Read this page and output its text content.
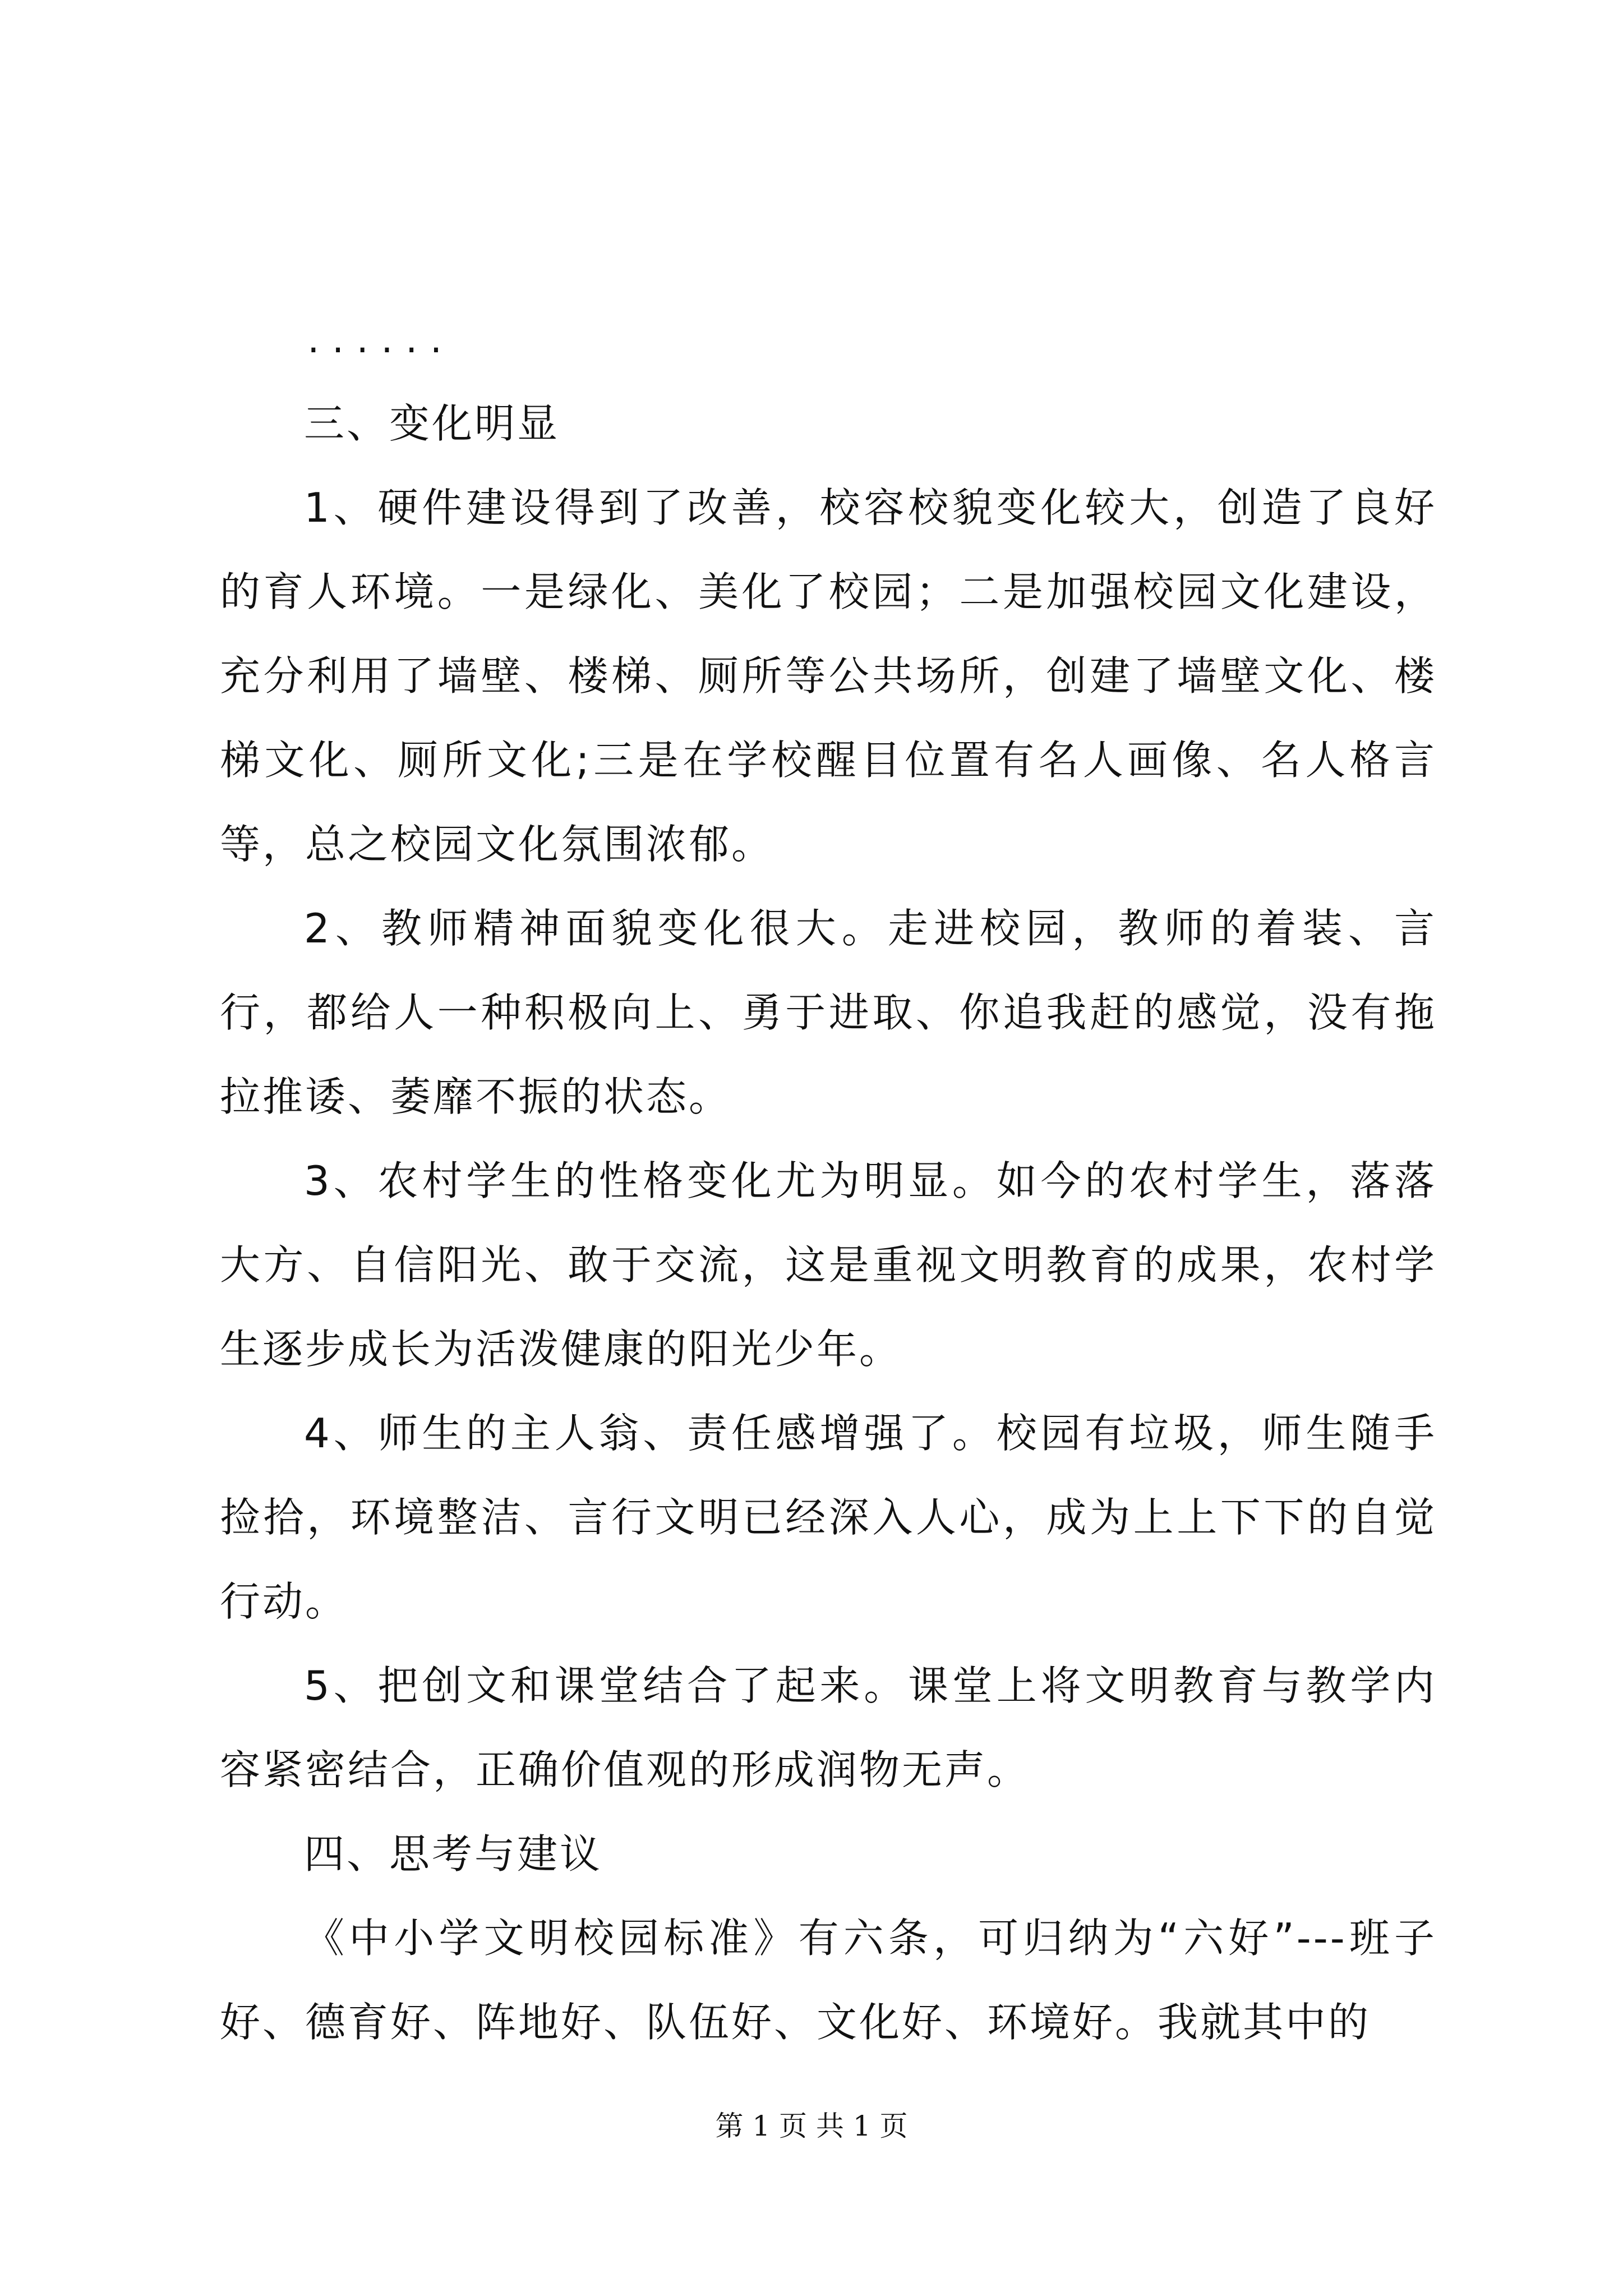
......
三、变化明显

1、硬件建设得到了改善，校容校貌变化较大，创造了良好的育人环境。一是绿化、美化了校园；二是加强校园文化建设，充分利用了墙壁、楼梯、厕所等公共场所，创建了墙壁文化、楼梯文化、厕所文化;三是在学校醒目位置有名人画像、名人格言等，总之校园文化氛围浓郁。

2、教师精神面貌变化很大。走进校园，教师的着装、言行，都给人一种积极向上、勇于进取、你追我赶的感觉，没有拖拉推诿、萎靡不振的状态。

3、农村学生的性格变化尤为明显。如今的农村学生，落落大方、自信阳光、敢于交流，这是重视文明教育的成果，农村学生逐步成长为活泼健康的阳光少年。

4、师生的主人翁、责任感增强了。校园有垃圾，师生随手捡拾，环境整洁、言行文明已经深入人心，成为上上下下的自觉行动。

5、把创文和课堂结合了起来。课堂上将文明教育与教学内容紧密结合，正确价值观的形成润物无声。

四、思考与建议

《中小学文明校园标准》有六条，可归纳为“六好”---班子好、德育好、阵地好、队伍好、文化好、环境好。我就其中的

第 1 页 共 1 页
